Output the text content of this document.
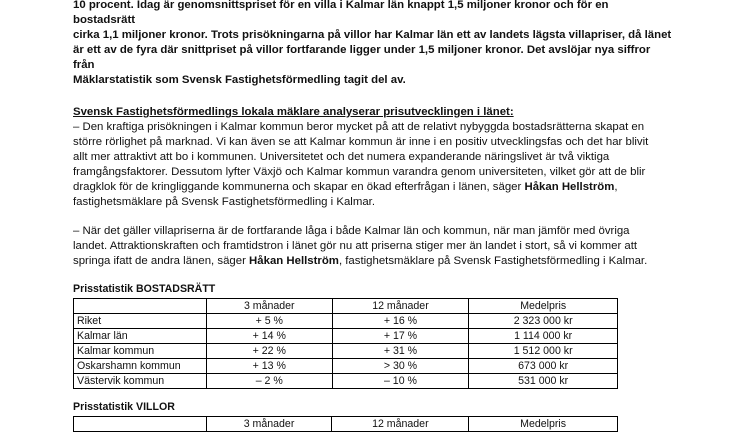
10 procent. Idag är genomsnittspriset för en villa i Kalmar län knappt 1,5 miljoner kronor och för en bostadsrätt
cirka 1,1 miljoner kronor. Trots prisökningarna på villor har Kalmar län ett av landets lägsta villapriser, då länet
är ett av de fyra där snittpriset på villor fortfarande ligger under 1,5 miljoner kronor. Det avslöjar nya siffror från
Mäklarstatistik som Svensk Fastighetsförmedling tagit del av.

Svensk Fastighetsförmedlings lokala mäklare analyserar prisutvecklingen i länet:

– Den kraftiga prisökningen i Kalmar kommun beror mycket på att de relativt nybyggda bostadsrätterna skapat en
större rörlighet på marknad. Vi kan även se att Kalmar kommun är inne i en positiv utvecklingsfas och det har blivit
allt mer attraktivt att bo i kommunen. Universitetet och det numera expanderande näringslivet är två viktiga
framgångsfaktorer. Dessutom lyfter Växjö och Kalmar kommun varandra genom universiteten, vilket gör att de blir
dragklok för de kringliggande kommunerna och skapar en ökad efterfrågan i länen, säger Håkan Hellström,
fastighetsmäklare på Svensk Fastighetsförmedling i Kalmar.

– När det gäller villapriserna är de fortfarande låga i både Kalmar län och kommun, när man jämför med övriga
landet. Attraktionskraften och framtidstron i länet gör nu att priserna stiger mer än landet i stort, så vi kommer att
springa ifatt de andra länen, säger Håkan Hellström, fastighetsmäklare på Svensk Fastighetsförmedling i Kalmar.

Prisstatistik BOSTADSRÄTT

	3 månader	12 månader	Medelpris
Riket	+ 5 %	+ 16 %	2 323 000 kr
Kalmar län	+ 14 %	+ 17 %	1 114 000 kr
Kalmar kommun	+ 22 %	+ 31 %	1 512 000 kr
Oskarshamn kommun	+ 13 %	> 30 %	673 000 kr
Västervik kommun	– 2 %	– 10 %	531 000 kr

Prisstatistik VILLOR

	3 månader	12 månader	Medelpris
